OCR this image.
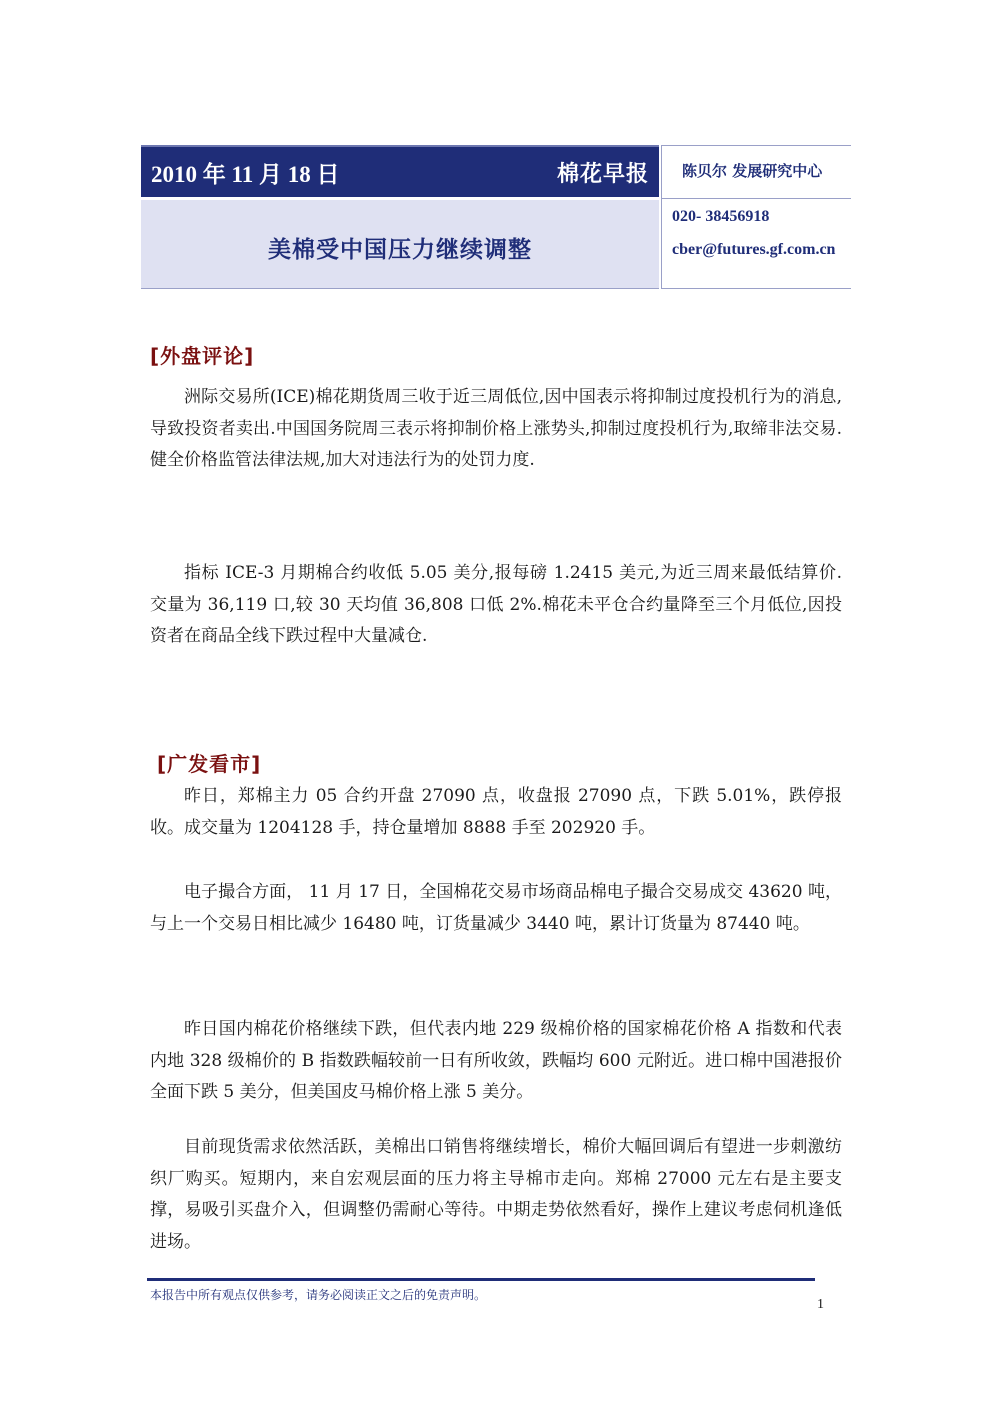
2010 年 11 月 18 日	棉花早报
美棉受中国压力继续调整
陈贝尔 发展研究中心
020- 38456918
cber@futures.gf.com.cn
[外盘评论]

洲际交易所(ICE)棉花期货周三收于近三周低位,因中国表示将抑制过度投机行为的消息,导致投资者卖出.中国国务院周三表示将抑制价格上涨势头,抑制过度投机行为,取缔非法交易.健全价格监管法律法规,加大对违法行为的处罚力度.

指标 ICE-3 月期棉合约收低 5.05 美分,报每磅 1.2415 美元,为近三周来最低结算价. 交量为 36,119 口,较 30 天均值 36,808 口低 2%.棉花未平仓合约量降至三个月低位,因投资者在商品全线下跌过程中大量减仓.

[广发看市]

昨日，郑棉主力 05 合约开盘 27090 点，收盘报 27090 点，下跌 5.01%，跌停报收。成交量为 1204128 手，持仓量增加 8888 手至 202920 手。

电子撮合方面， 11 月 17 日，全国棉花交易市场商品棉电子撮合交易成交 43620 吨，与上一个交易日相比减少 16480 吨，订货量减少 3440 吨，累计订货量为 87440 吨。

昨日国内棉花价格继续下跌，但代表内地 229 级棉价格的国家棉花价格 A 指数和代表内地 328 级棉价的 B 指数跌幅较前一日有所收敛，跌幅均 600 元附近。进口棉中国港报价全面下跌 5 美分，但美国皮马棉价格上涨 5 美分。

目前现货需求依然活跃，美棉出口销售将继续增长，棉价大幅回调后有望进一步刺激纺织厂购买。短期内，来自宏观层面的压力将主导棉市走向。郑棉 27000 元左右是主要支撑，易吸引买盘介入，但调整仍需耐心等待。中期走势依然看好，操作上建议考虑伺机逢低进场。

本报告中所有观点仅供参考，请务必阅读正文之后的免责声明。
1
